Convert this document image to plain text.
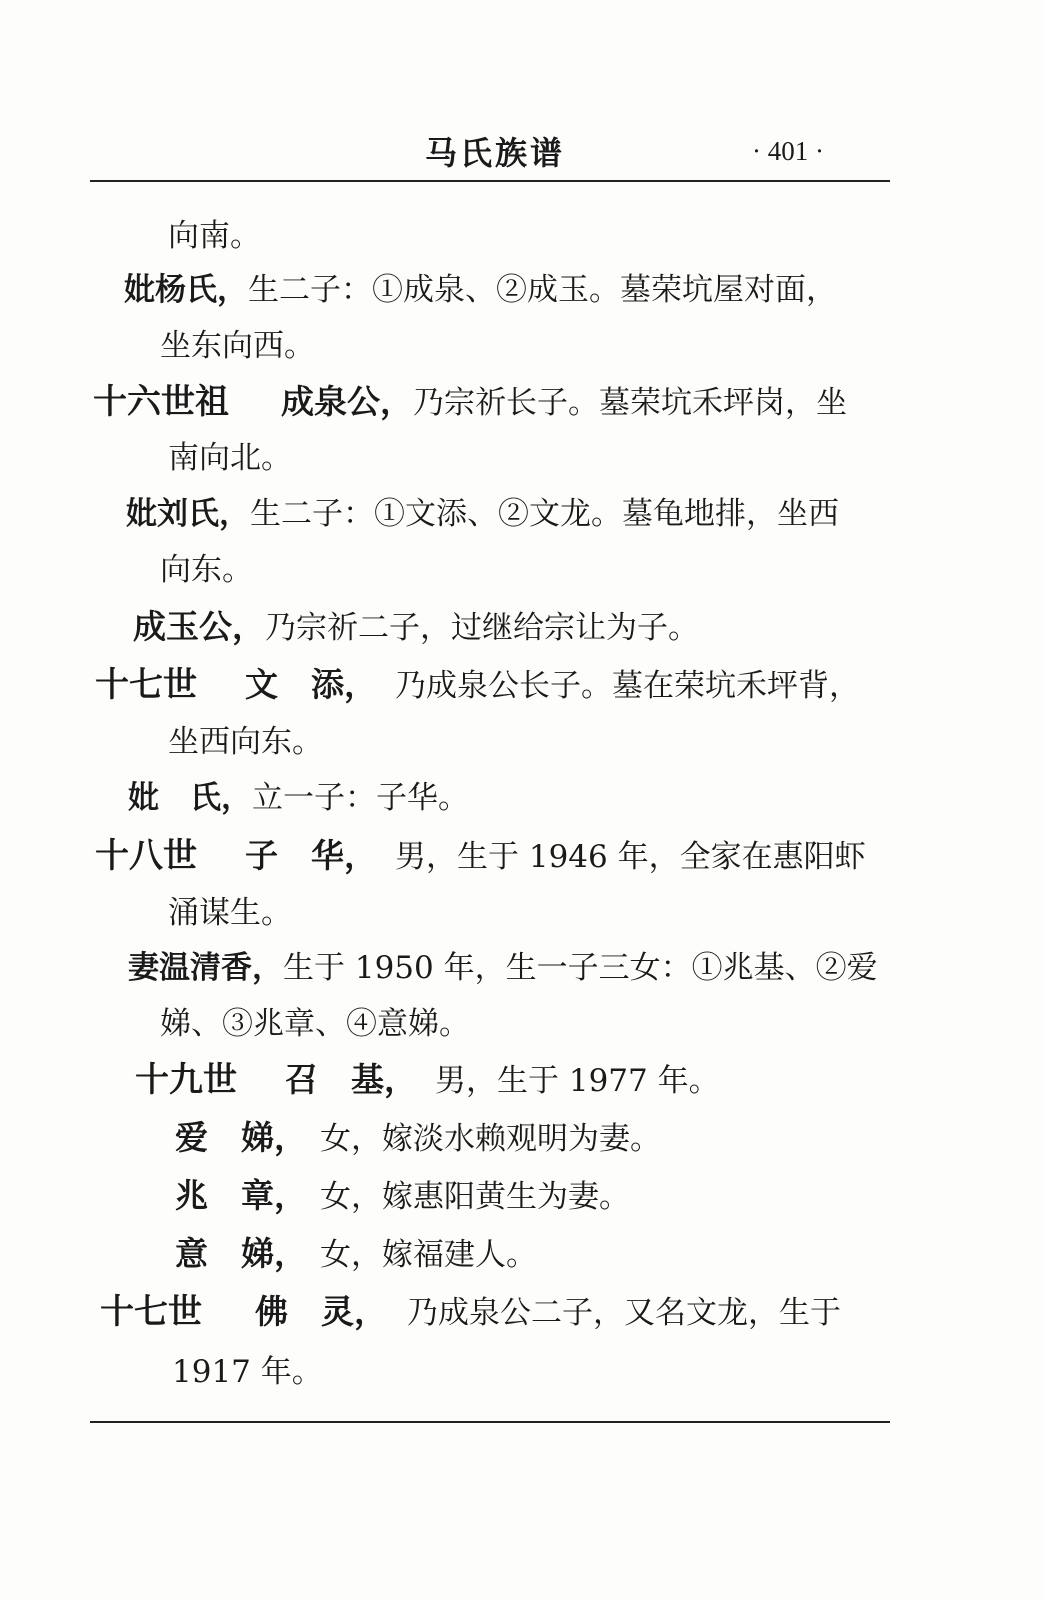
马氏族谱	· 401 ·
向南。
妣杨氏，生二子：①成泉、②成玉。墓荣坑屋对面，
坐东向西。
十六世祖 成泉公，乃宗祈长子。墓荣坑禾坪岗，坐
南向北。
妣刘氏，生二子：①文添、②文龙。墓龟地排，坐西
向东。
成玉公，乃宗祈二子，过继给宗让为子。
十七世 文　添， 乃成泉公长子。墓在荣坑禾坪背，
坐西向东。
妣　氏，立一子：子华。
十八世 子　华， 男，生于 1946 年，全家在惠阳虾
涌谋生。
妻温清香，生于 1950 年，生一子三女：①兆基、②爱
娣、③兆章、④意娣。
十九世 召　基， 男，生于 1977 年。
爱　娣， 女，嫁淡水赖观明为妻。
兆　章， 女，嫁惠阳黄生为妻。
意　娣， 女，嫁福建人。
十七世 佛　灵， 乃成泉公二子，又名文龙，生于
1917 年。
